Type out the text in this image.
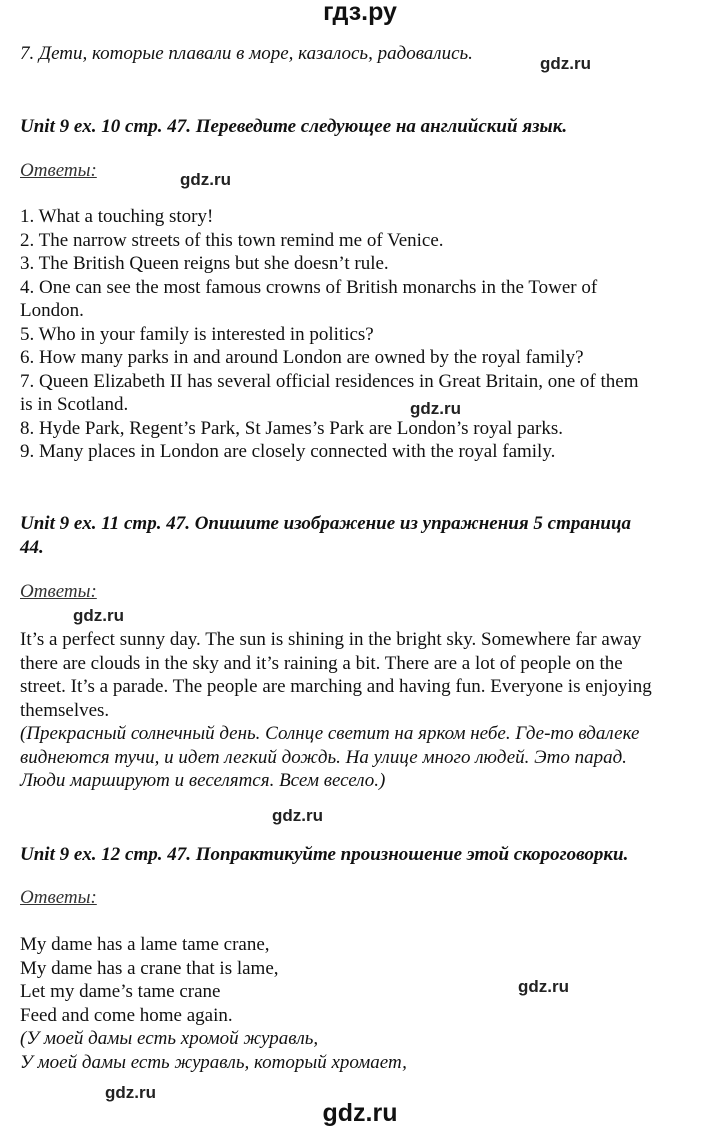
гдз.ру

7. Дети, которые плавали в море, казалось, радовались.	gdz.ru

Unit 9 ex. 10 стр. 47. Переведите следующее на английский язык.

Ответы:	gdz.ru
1. What a touching story!
2. The narrow streets of this town remind me of Venice.
3. The British Queen reigns but she doesn’t rule.
4. One can see the most famous crowns of British monarchs in the Tower of
London.
5. Who in your family is interested in politics?
6. How many parks in and around London are owned by the royal family?
7. Queen Elizabeth II has several official residences in Great Britain, one of them
is in Scotland.
8. Hyde Park, Regent’s Park, St James’s Park are London’s royal parks.
9. Many places in London are closely connected with the royal family.
gdz.ru

Unit 9 ex. 11 стр. 47. Опишите изображение из упражнения 5 страница

44.

Ответы:

gdz.ru
It’s a perfect sunny day. The sun is shining in the bright sky. Somewhere far away
there are clouds in the sky and it’s raining a bit. There are a lot of people on the
street. It’s a parade. The people are marching and having fun. Everyone is enjoying
themselves.
(Прекрасный солнечный день. Солнце светит на ярком небе. Где-то вдалеке
виднеются тучи, и идет легкий дождь. На улице много людей. Это парад.
Люди маршируют и веселятся. Всем весело.)
gdz.ru

Unit 9 ex. 12 стр. 47. Попрактикуйте произношение этой скороговорки.

Ответы:

My dame has a lame tame crane,
My dame has a crane that is lame,
Let my dame’s tame crane
Feed and come home again.
gdz.ru
(У моей дамы есть хромой журавль,
У моей дамы есть журавль, который хромает,
gdz.ru
gdz.ru
